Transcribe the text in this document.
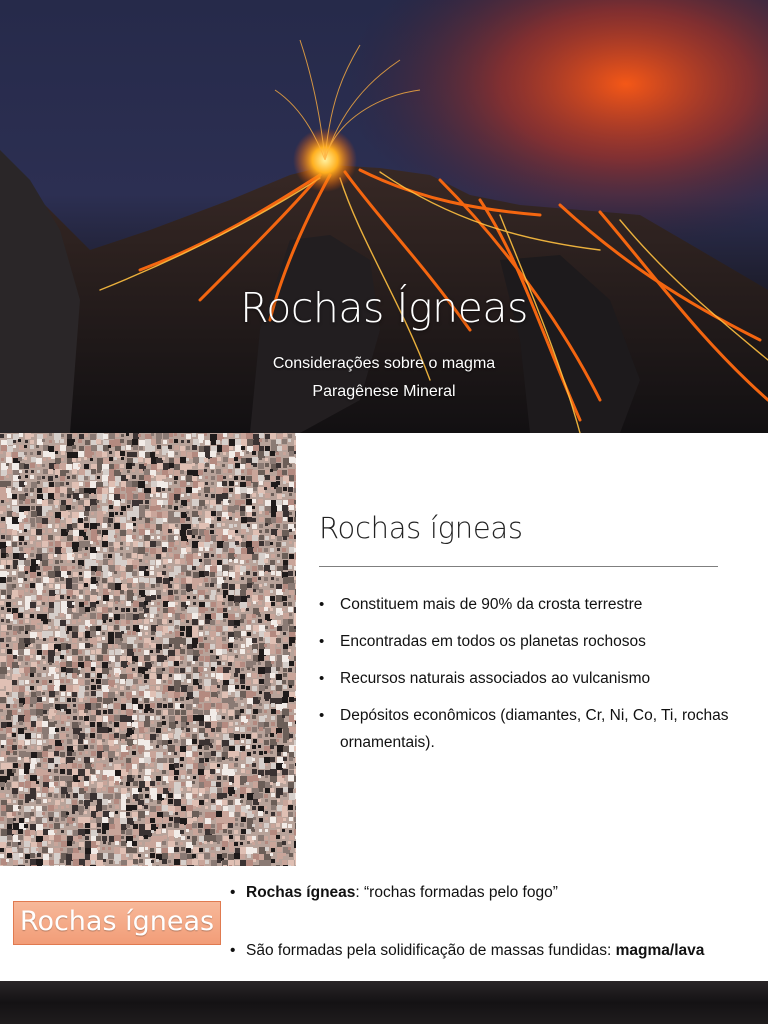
Rochas Ígneas
Considerações sobre o magma
Paragênese Mineral
Rochas ígneas
• Constituem mais de 90% da crosta terrestre
• Encontradas em todos os planetas rochosos
• Recursos naturais associados ao vulcanismo
• Depósitos econômicos (diamantes, Cr, Ni, Co, Ti, rochas ornamentais).
Rochas ígneas
• Rochas ígneas: “rochas formadas pelo fogo”
• São formadas pela solidificação de massas fundidas: magma/lava
